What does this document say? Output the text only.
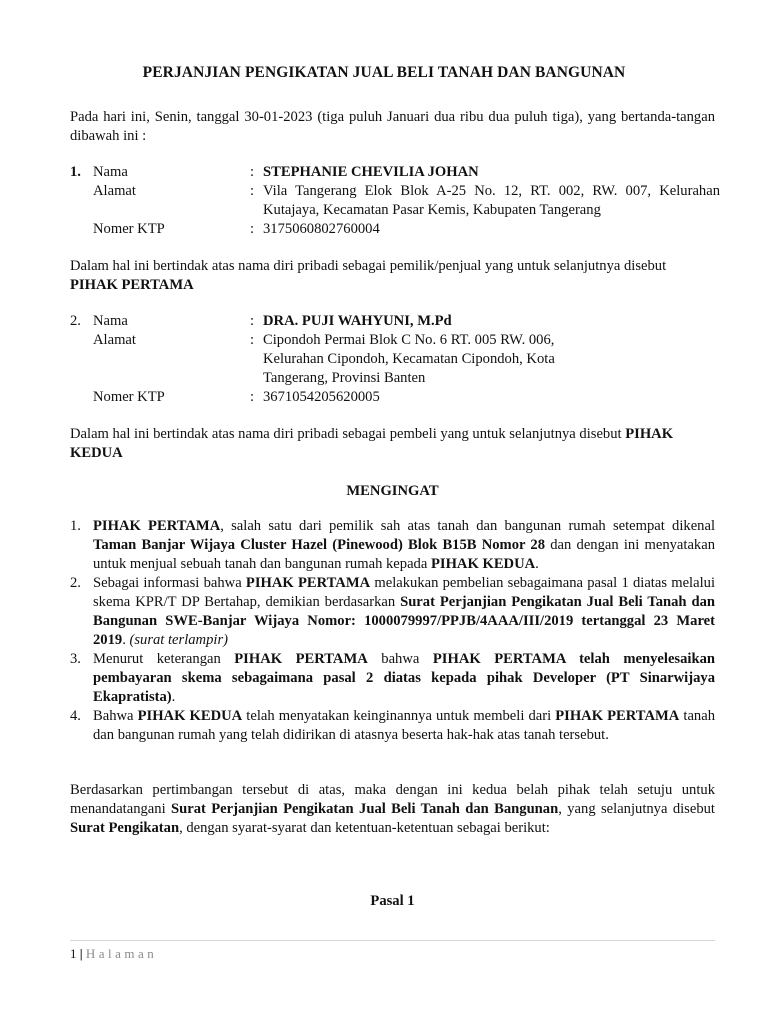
PERJANJIAN PENGIKATAN JUAL BELI TANAH DAN BANGUNAN
Pada hari ini, Senin, tanggal 30-01-2023 (tiga puluh Januari dua ribu dua puluh tiga), yang bertanda-tangan dibawah ini :
1. Nama	: STEPHANIE CHEVILIA JOHAN
Alamat	: Vila Tangerang Elok Blok A-25 No. 12, RT. 002, RW. 007, Kelurahan Kutajaya, Kecamatan Pasar Kemis, Kabupaten Tangerang
Nomer KTP	: 3175060802760004
Dalam hal ini bertindak atas nama diri pribadi sebagai pemilik/penjual yang untuk selanjutnya disebut PIHAK PERTAMA
2. Nama	: DRA. PUJI WAHYUNI, M.Pd
Alamat	: Cipondoh Permai Blok C No. 6 RT. 005 RW. 006,
Kelurahan Cipondoh, Kecamatan Cipondoh, Kota
Tangerang, Provinsi Banten
Nomer KTP	: 3671054205620005
Dalam hal ini bertindak atas nama diri pribadi sebagai pembeli yang untuk selanjutnya disebut PIHAK KEDUA
MENGINGAT
1. PIHAK PERTAMA, salah satu dari pemilik sah atas tanah dan bangunan rumah setempat dikenal Taman Banjar Wijaya Cluster Hazel (Pinewood) Blok B15B Nomor 28 dan dengan ini menyatakan untuk menjual sebuah tanah dan bangunan rumah kepada PIHAK KEDUA.
2. Sebagai informasi bahwa PIHAK PERTAMA melakukan pembelian sebagaimana pasal 1 diatas melalui skema KPR/T DP Bertahap, demikian berdasarkan Surat Perjanjian Pengikatan Jual Beli Tanah dan Bangunan SWE-Banjar Wijaya Nomor: 1000079997/PPJB/4AAA/III/2019 tertanggal 23 Maret 2019. (surat terlampir)
3. Menurut keterangan PIHAK PERTAMA bahwa PIHAK PERTAMA telah menyelesaikan pembayaran skema sebagaimana pasal 2 diatas kepada pihak Developer (PT Sinarwijaya Ekapratista).
4. Bahwa PIHAK KEDUA telah menyatakan keinginannya untuk membeli dari PIHAK PERTAMA tanah dan bangunan rumah yang telah didirikan di atasnya beserta hak-hak atas tanah tersebut.
Berdasarkan pertimbangan tersebut di atas, maka dengan ini kedua belah pihak telah setuju untuk menandatangani Surat Perjanjian Pengikatan Jual Beli Tanah dan Bangunan, yang selanjutnya disebut Surat Pengikatan, dengan syarat-syarat dan ketentuan-ketentuan sebagai berikut:
Pasal 1
1 | Halaman
